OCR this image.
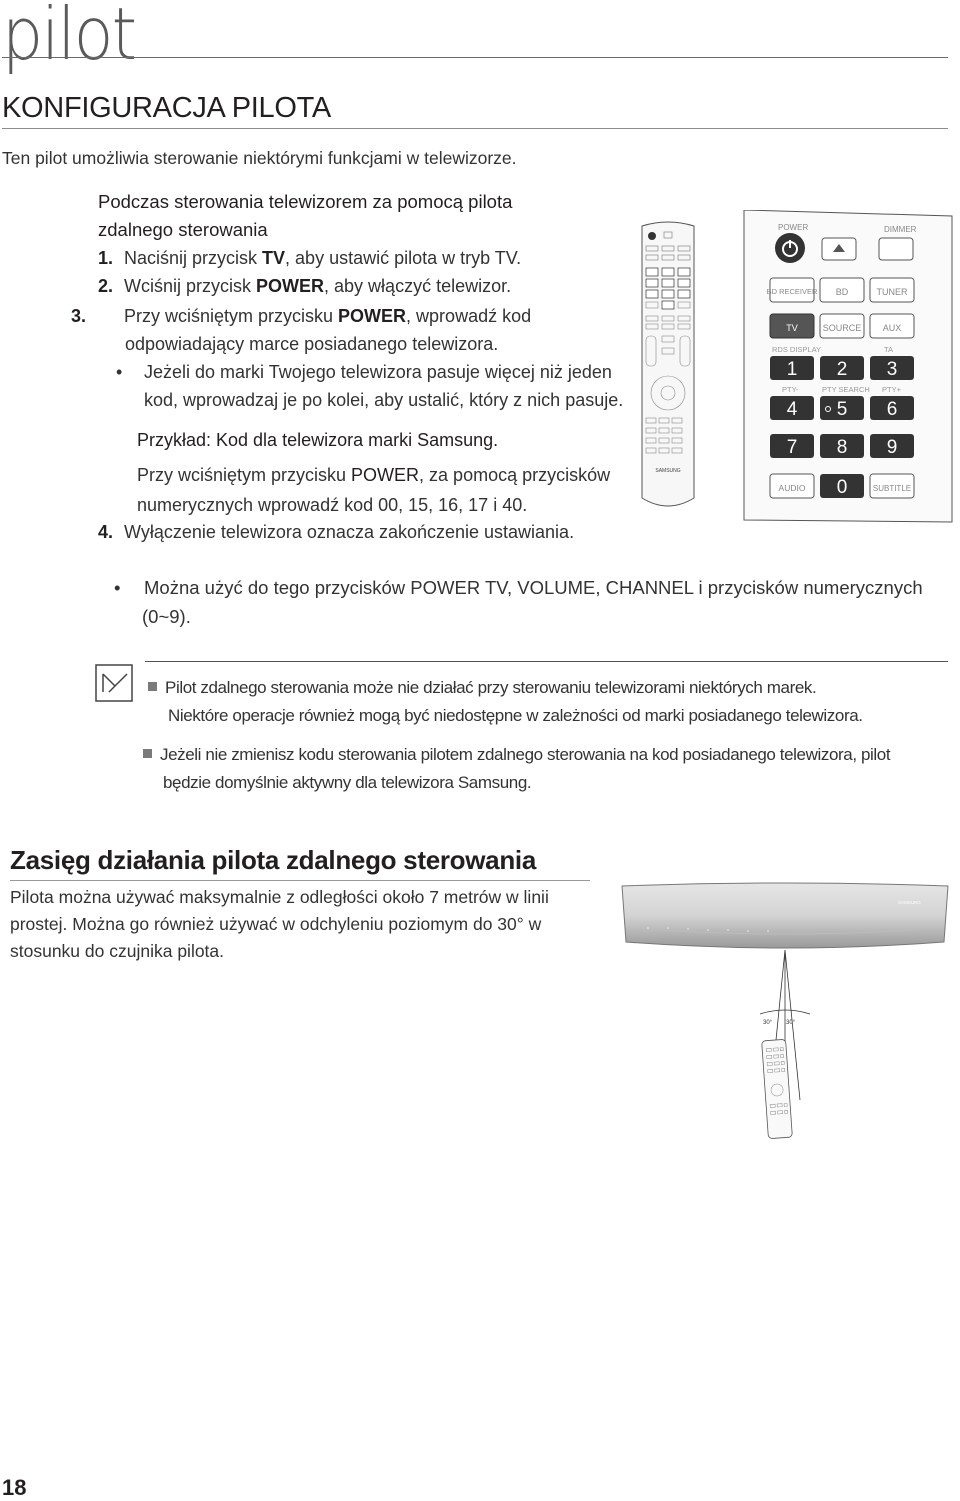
pilot
KONFIGURACJA PILOTA
Ten pilot umożliwia sterowanie niektórymi funkcjami w telewizorze.
Podczas sterowania telewizorem za pomocą pilota
zdalnego sterowania
1. Naciśnij przycisk TV, aby ustawić pilota w tryb TV.
2. Wciśnij przycisk POWER, aby włączyć telewizor.
3. Przy wciśniętym przycisku POWER, wprowadź kod odpowiadający marce posiadanego telewizora.
• Jeżeli do marki Twojego telewizora pasuje więcej niż jeden kod, wprowadzaj je po kolei, aby ustalić, który z nich pasuje.
Przykład: Kod dla telewizora marki Samsung.
Przy wciśniętym przycisku POWER, za pomocą przycisków numerycznych wprowadź kod 00, 15, 16, 17 i 40.
4. Wyłączenie telewizora oznacza zakończenie ustawiania.
SAMSUNG
POWER	DIMMER
BD RECEIVER BD	TUNER
TV	SOURCE AUX
RDS DISPLAY	TA
1 2 3
4 5 6
7 8 9
0
PTY-	PTY SEARCH PTY+
AUDIO	SUBTITLE
• Można użyć do tego przycisków POWER TV, VOLUME, CHANNEL i przycisków numerycznych (0~9).
Pilot zdalnego sterowania może nie działać przy sterowaniu telewizorami niektórych marek.
Niektóre operacje również mogą być niedostępne w zależności od marki posiadanego telewizora.
Jeżeli nie zmienisz kodu sterowania pilotem zdalnego sterowania na kod posiadanego telewizora, pilot
będzie domyślnie aktywny dla telewizora Samsung.
Zasięg działania pilota zdalnego sterowania
Pilota można używać maksymalnie z odległości około 7 metrów w linii prostej. Można go również używać w odchyleniu poziomym do 30° w stosunku do czujnika pilota.
SAMSUNG
30° 30°
18
